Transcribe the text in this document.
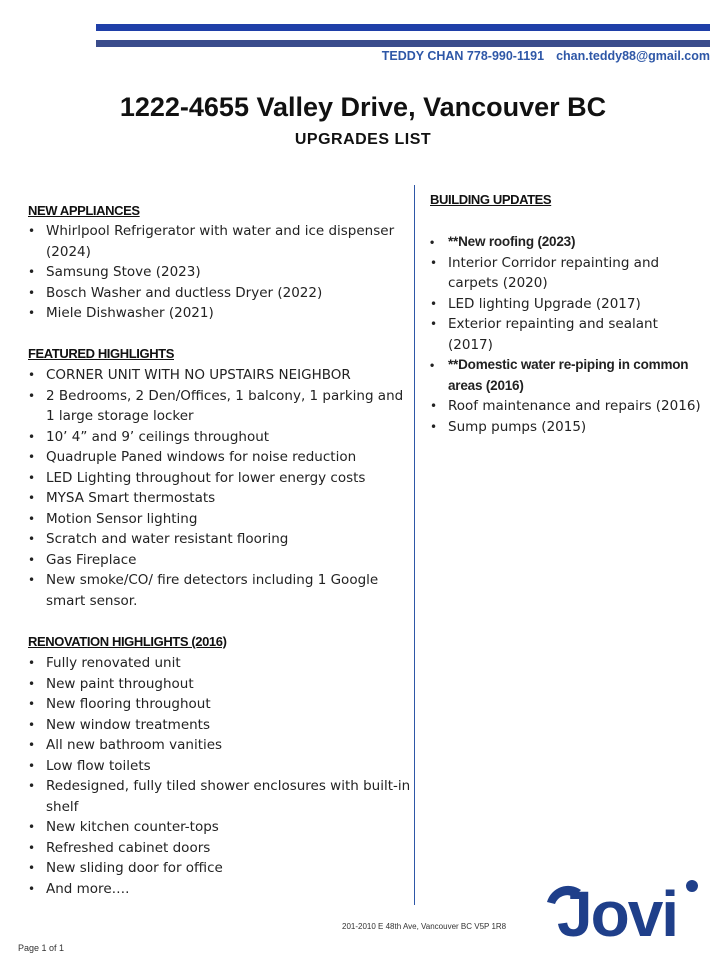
TEDDY CHAN 778-990-1191 chan.teddy88@gmail.com
1222-4655 Valley Drive, Vancouver BC
UPGRADES LIST
NEW APPLIANCES
• Whirlpool Refrigerator with water and ice dispenser (2024)
• Samsung Stove (2023)
• Bosch Washer and ductless Dryer (2022)
• Miele Dishwasher (2021)
FEATURED HIGHLIGHTS
• CORNER UNIT WITH NO UPSTAIRS NEIGHBOR
• 2 Bedrooms, 2 Den/Offices, 1 balcony, 1 parking and 1 large storage locker
• 10’ 4” and 9’ ceilings throughout
• Quadruple Paned windows for noise reduction
• LED Lighting throughout for lower energy costs
• MYSA Smart thermostats
• Motion Sensor lighting
• Scratch and water resistant flooring
• Gas Fireplace
• New smoke/CO/ fire detectors including 1 Google smart sensor.
RENOVATION HIGHLIGHTS (2016)
• Fully renovated unit
• New paint throughout
• New flooring throughout
• New window treatments
• All new bathroom vanities
• Low flow toilets
• Redesigned, fully tiled shower enclosures with built-in shelf
• New kitchen counter-tops
• Refreshed cabinet doors
• New sliding door for office
• And more….
BUILDING UPDATES
• **New roofing (2023)
• Interior Corridor repainting and carpets (2020)
• LED lighting Upgrade (2017)
• Exterior repainting and sealant (2017)
• **Domestic water re-piping in common areas (2016)
• Roof maintenance and repairs (2016)
• Sump pumps (2015)
201-2010 E 48th Ave, Vancouver BC V5P 1R8
Page 1 of 1	Jovi
